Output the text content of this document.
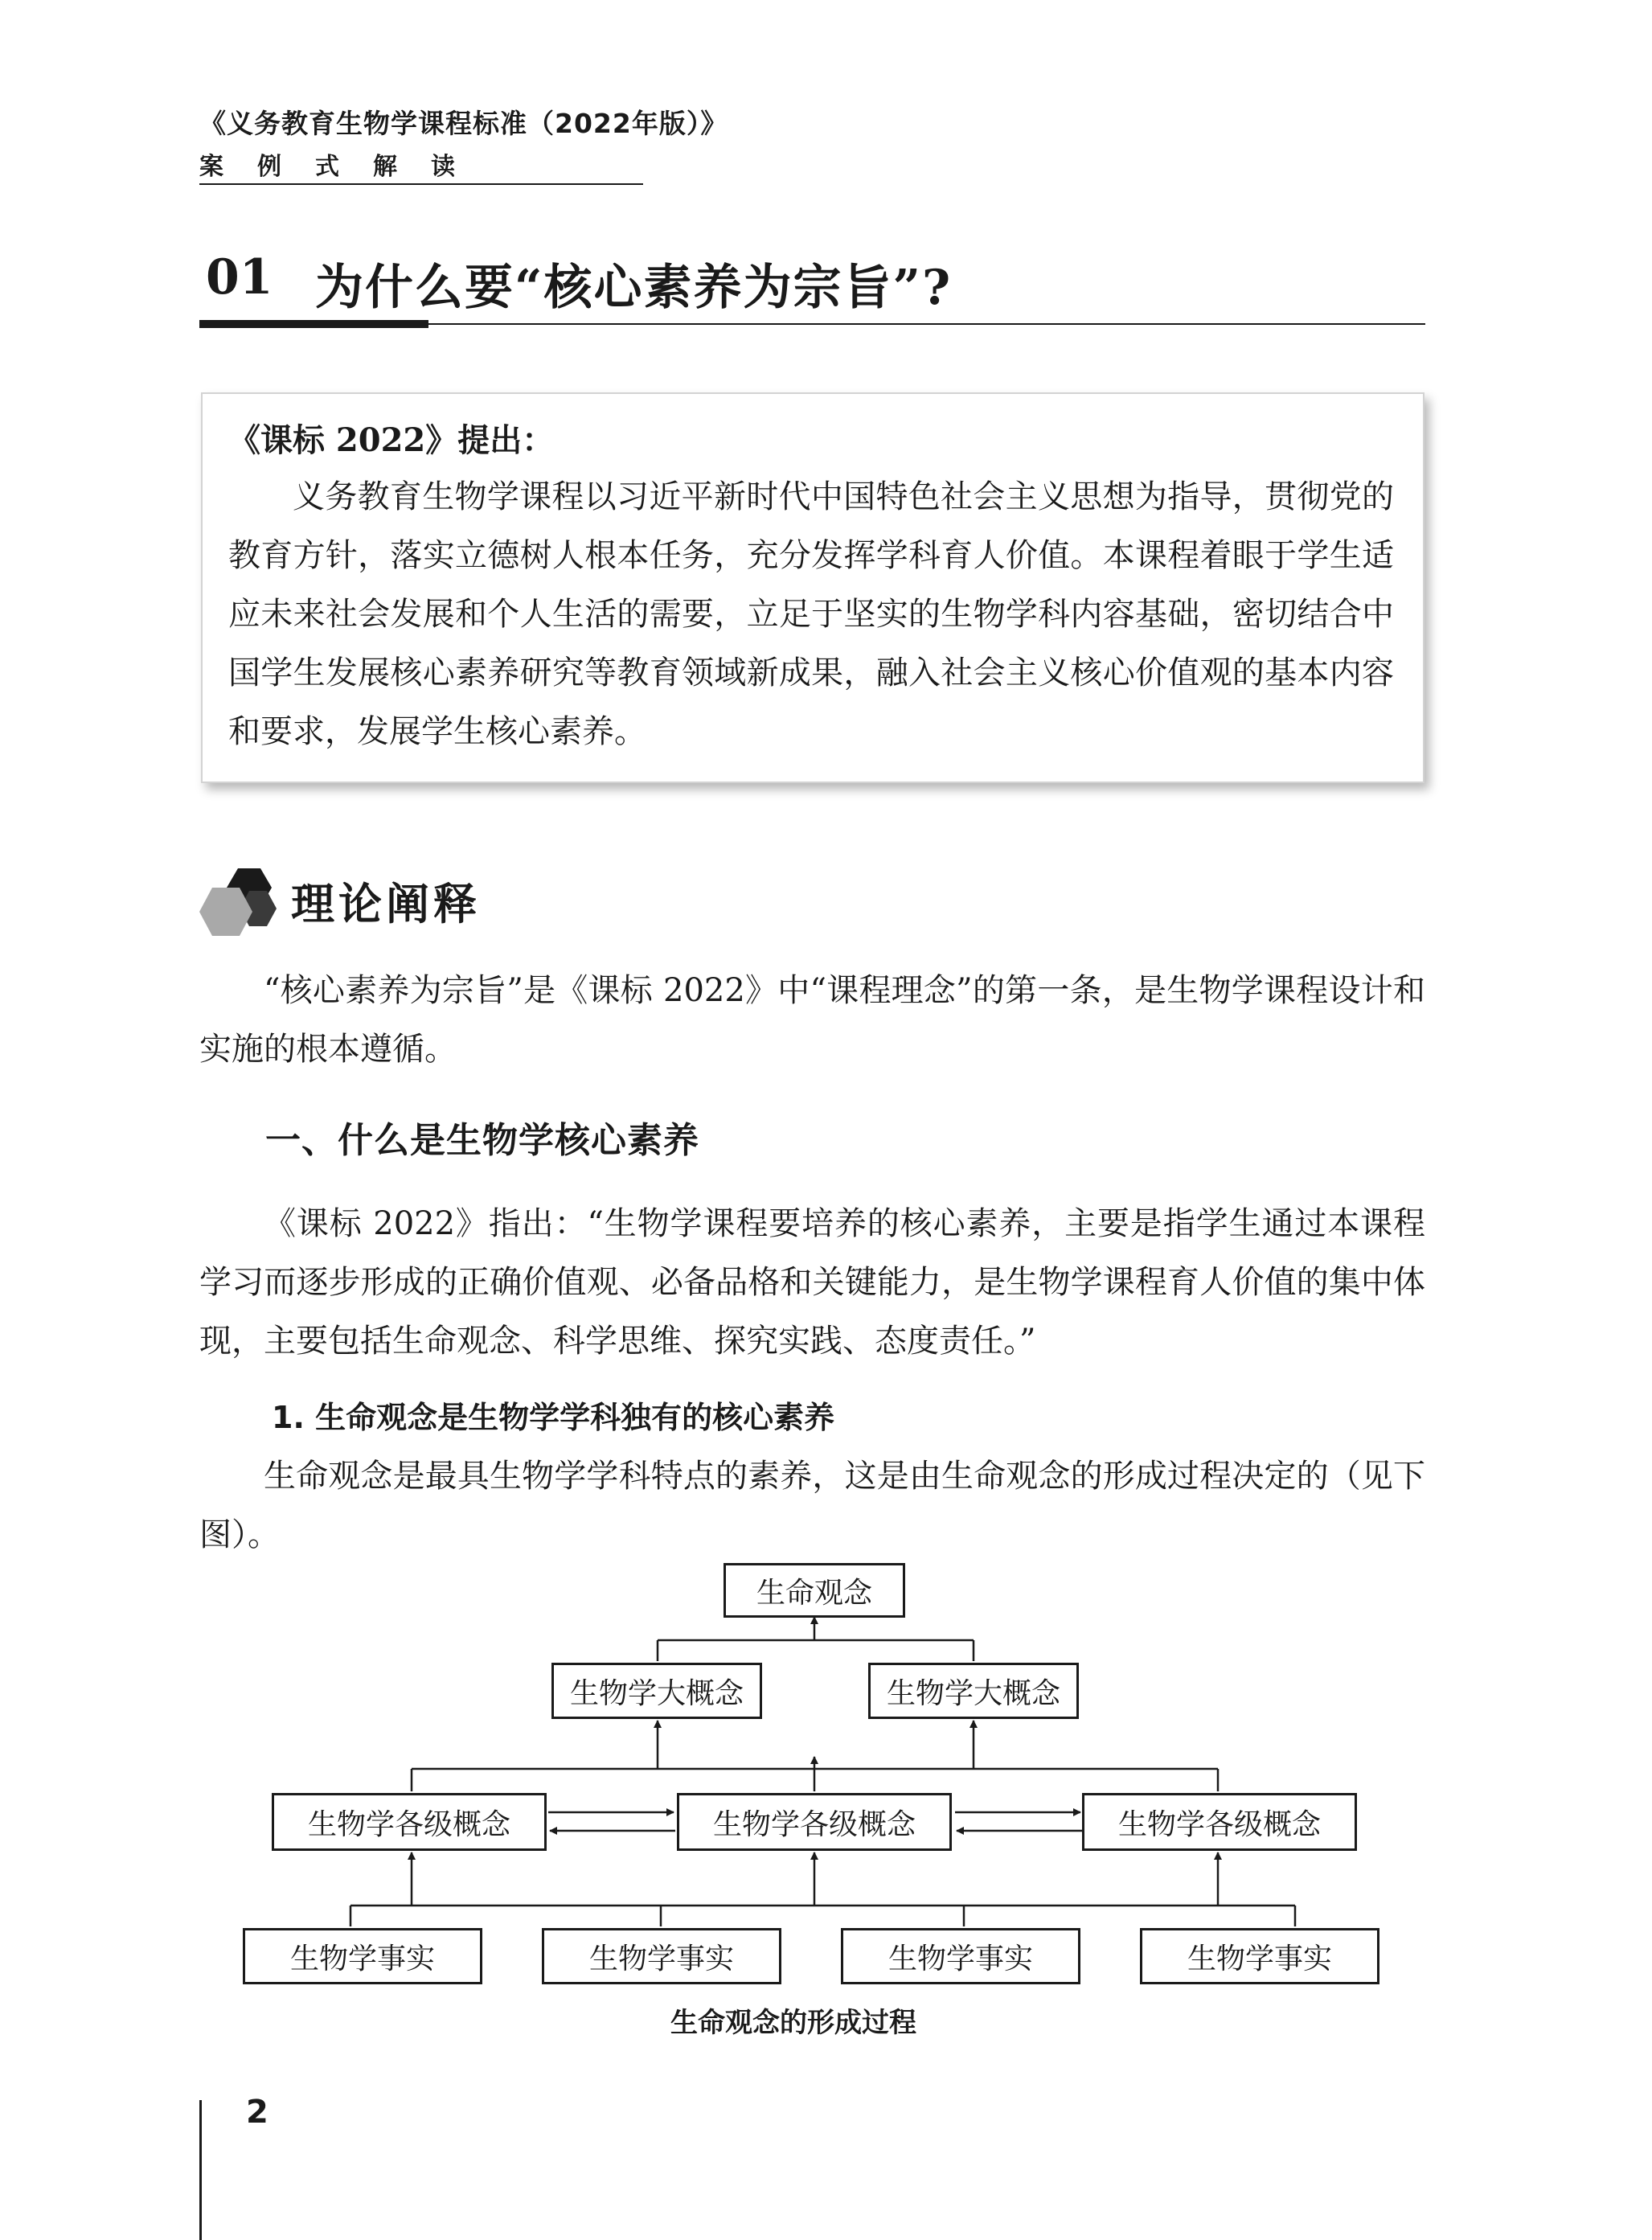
《义务教育生物学课程标准（2022年版）》
案例式解读
01 为什么要“核心素养为宗旨”?
《课标 2022》提出：
义务教育生物学课程以习近平新时代中国特色社会主义思想为指导，贯彻党的教育方针，落实立德树人根本任务，充分发挥学科育人价值。本课程着眼于学生适应未来社会发展和个人生活的需要，立足于坚实的生物学科内容基础，密切结合中国学生发展核心素养研究等教育领域新成果，融入社会主义核心价值观的基本内容和要求，发展学生核心素养。
理论阐释
“核心素养为宗旨”是《课标 2022》中“课程理念”的第一条，是生物学课程设计和实施的根本遵循。
一、什么是生物学核心素养
《课标 2022》指出：“生物学课程要培养的核心素养，主要是指学生通过本课程学习而逐步形成的正确价值观、必备品格和关键能力，是生物学课程育人价值的集中体现，主要包括生命观念、科学思维、探究实践、态度责任。”
1. 生命观念是生物学学科独有的核心素养
生命观念是最具生物学学科特点的素养，这是由生命观念的形成过程决定的（见下图）。
生命观念
生物学大概念	生物学大概念
生物学各级概念	生物学各级概念	生物学各级概念
生物学事实	生物学事实	生物学事实	生物学事实
生命观念的形成过程
2
